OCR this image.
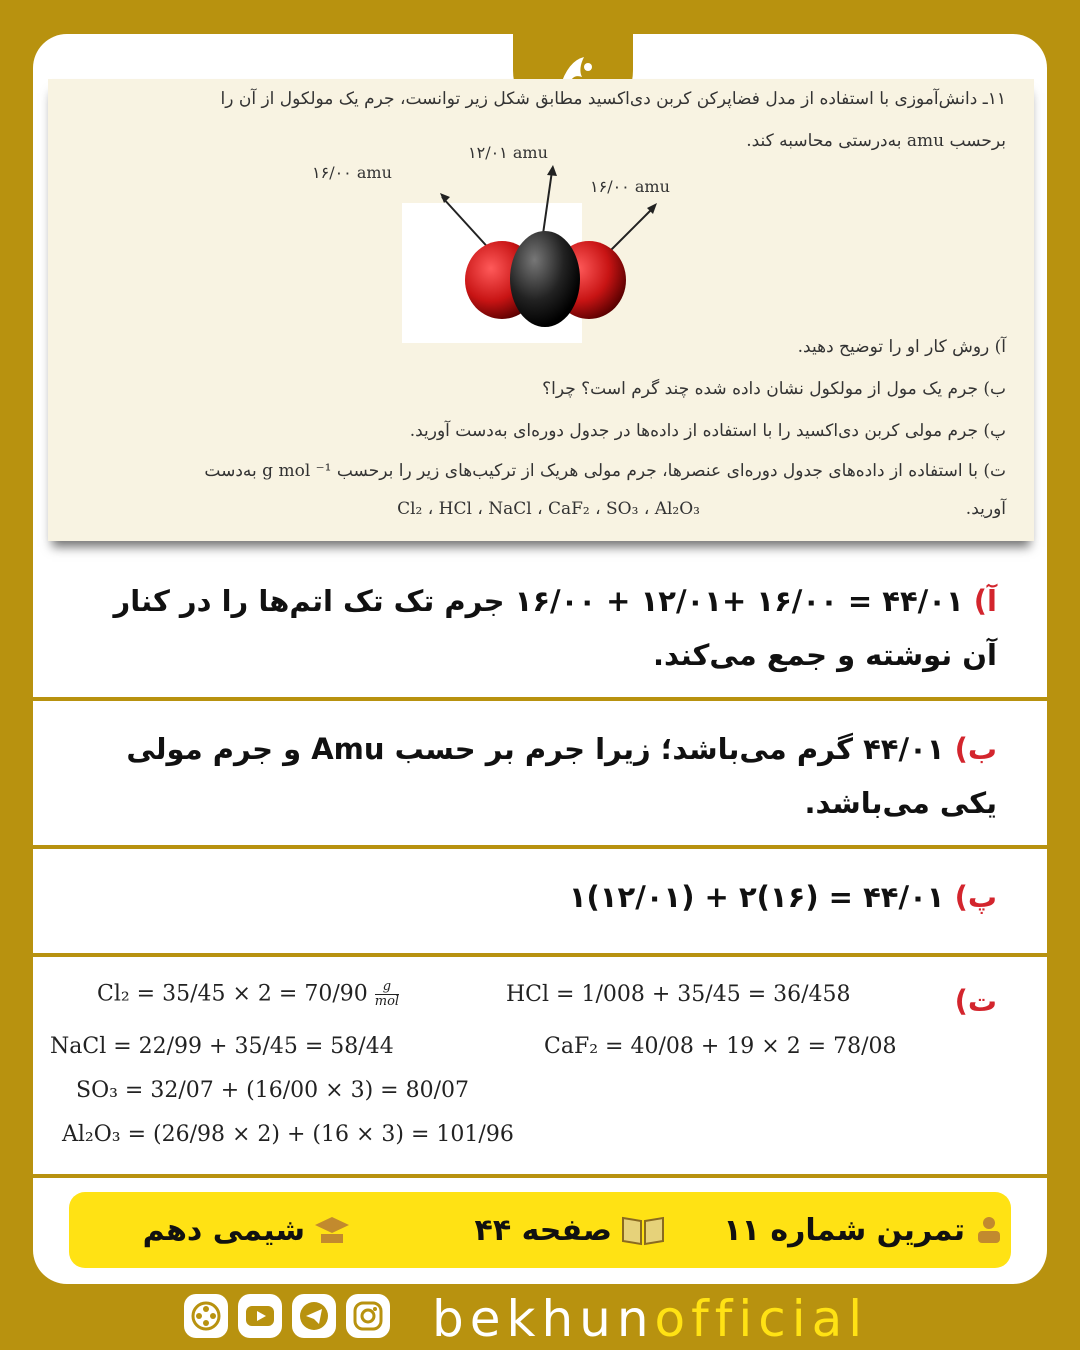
۱۱ـ دانش‌آموزی با استفاده از مدل فضاپرکن کربن دی‌اکسید مطابق شکل زیر توانست، جرم یک مولکول از آن را
برحسب amu به‌درستی محاسبه کند.
۱۶/۰۰ amu
۱۲/۰۱ amu
۱۶/۰۰ amu
آ) روش کار او را توضیح دهید.
ب) جرم یک مول از مولکول نشان داده شده چند گرم است؟ چرا؟
پ) جرم مولی کربن دی‌اکسید را با استفاده از داده‌ها در جدول دوره‌ای به‌دست آورید.
ت) با استفاده از داده‌های جدول دوره‌ای عنصرها، جرم مولی هریک از ترکیب‌های زیر را برحسب g mol ⁻¹ به‌دست
آورید.
Cl₂ ، HCl ، NaCl ، CaF₂ ، SO₃ ، Al₂O₃
آ) ۴۴/۰۱ = ۱۶/۰۰ +۱۲/۰۱ + ۱۶/۰۰ جرم تک تک اتم‌ها را در کنار آن نوشته و جمع می‌کند.
ب) ۴۴/۰۱ گرم می‌باشد؛ زیرا جرم بر حسب Amu و جرم مولی یکی می‌باشد.
پ) ۴۴/۰۱ = (۱۶)۲ + (۱۲/۰۱)۱
ت)
$Cl_2 = 35/45 \times 2 = 70/90 \frac{g}{\text{mol}}$	HCl = 1/008 + 35/45 = 36/458
NaCl = 22/99 + 35/45 = 58/44	CaF₂ = 40/08 + 19 × 2 = 78/08
SO₃ = 32/07 + (16/00 × 3) = 80/07
Al₂O₃ = (26/98 × 2) + (16 × 3) = 101/96
تمرین شماره ۱۱
صفحه ۴۴
شیمی دهم
bekhunofficial
